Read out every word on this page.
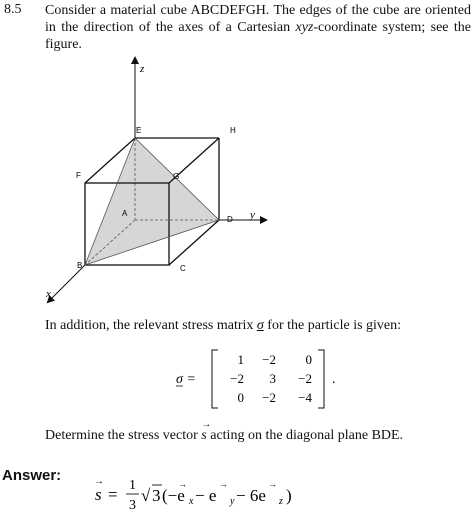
8.5 Consider a material cube ABCDEFGH. The edges of the cube are oriented in the direction of the axes of a Cartesian xyz-coordinate system; see the figure.
z
E	H
F	G
A
D y
B	C
x
In addition, the relevant stress matrix σ for the particle is given:
σ =
1 −2 0
−2 3 −2
0 −2 −4
.
Determine the stress vector
→
s acting on the diagonal plane BDE.
Answer:	→
s = 1
3
√ 3 (−e
→
x − e
→
y − 6e
→
z )
